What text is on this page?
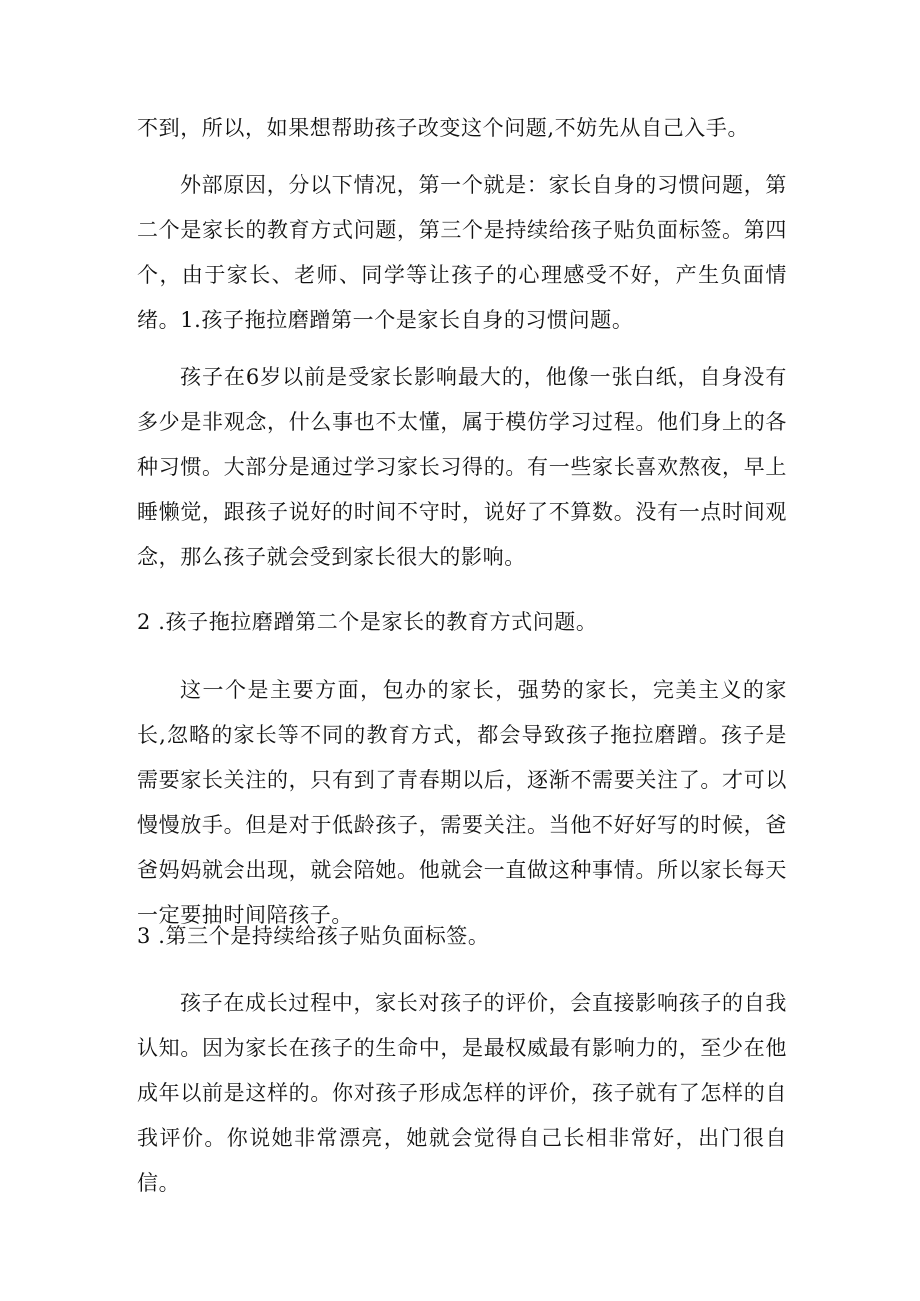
不到，所以，如果想帮助孩子改变这个问题,不妨先从自己入手。

外部原因，分以下情况，第一个就是：家长自身的习惯问题，第二个是家长的教育方式问题，第三个是持续给孩子贴负面标签。第四个，由于家长、老师、同学等让孩子的心理感受不好，产生负面情绪。1.孩子拖拉磨蹭第一个是家长自身的习惯问题。

孩子在6岁以前是受家长影响最大的，他像一张白纸，自身没有多少是非观念，什么事也不太懂，属于模仿学习过程。他们身上的各种习惯。大部分是通过学习家长习得的。有一些家长喜欢熬夜，早上睡懒觉，跟孩子说好的时间不守时，说好了不算数。没有一点时间观念，那么孩子就会受到家长很大的影响。

2 .孩子拖拉磨蹭第二个是家长的教育方式问题。

这一个是主要方面，包办的家长，强势的家长，完美主义的家长,忽略的家长等不同的教育方式，都会导致孩子拖拉磨蹭。孩子是需要家长关注的，只有到了青春期以后，逐渐不需要关注了。才可以慢慢放手。但是对于低龄孩子，需要关注。当他不好好写的时候，爸爸妈妈就会出现，就会陪她。他就会一直做这种事情。所以家长每天一定要抽时间陪孩子。

3 .第三个是持续给孩子贴负面标签。

孩子在成长过程中，家长对孩子的评价，会直接影响孩子的自我认知。因为家长在孩子的生命中，是最权威最有影响力的，至少在他成年以前是这样的。你对孩子形成怎样的评价，孩子就有了怎样的自我评价。你说她非常漂亮，她就会觉得自己长相非常好，出门很自信。
